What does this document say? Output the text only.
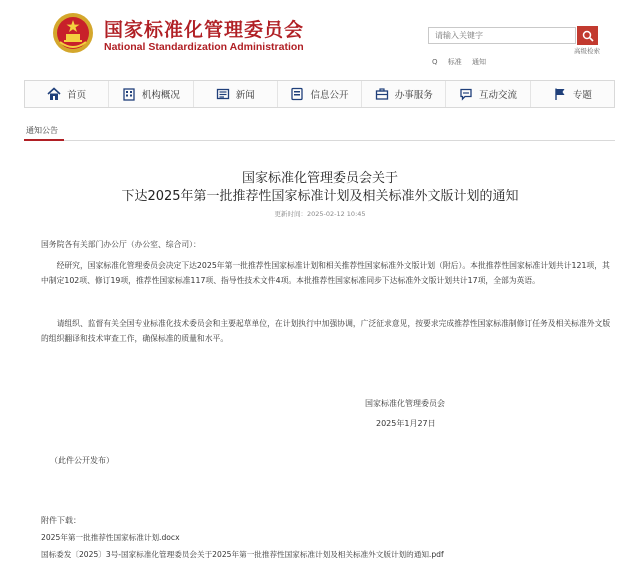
国家标准化管理委员会
National Standardization Administration
请输入关键字	高级检索
Q 标准 通知
首页	机构概况	新闻	信息公开	办事服务	互动交流	专题
通知公告
国家标准化管理委员会关于
下达2025年第一批推荐性国家标准计划及相关标准外文版计划的通知
更新时间：2025-02-12 10:45
国务院各有关部门办公厅（办公室、综合司）：
经研究，国家标准化管理委员会决定下达2025年第一批推荐性国家标准计划和相关推荐性国家标准外文版计划（附后）。本批推荐性国家标准计划共计121项，其中制定102项、修订19项，推荐性国家标准117项、指导性技术文件4项。本批推荐性国家标准同步下达标准外文版计划共计17项，全部为英语。
请组织、监督有关全国专业标准化技术委员会和主要起草单位，在计划执行中加强协调，广泛征求意见，按要求完成推荐性国家标准制修订任务及相关标准外文版的组织翻译和技术审查工作，确保标准的质量和水平。
国家标准化管理委员会
2025年1月27日
（此件公开发布）
附件下载：
2025年第一批推荐性国家标准计划.docx
国标委发〔2025〕3号-国家标准化管理委员会关于2025年第一批推荐性国家标准计划及相关标准外文版计划的通知.pdf
